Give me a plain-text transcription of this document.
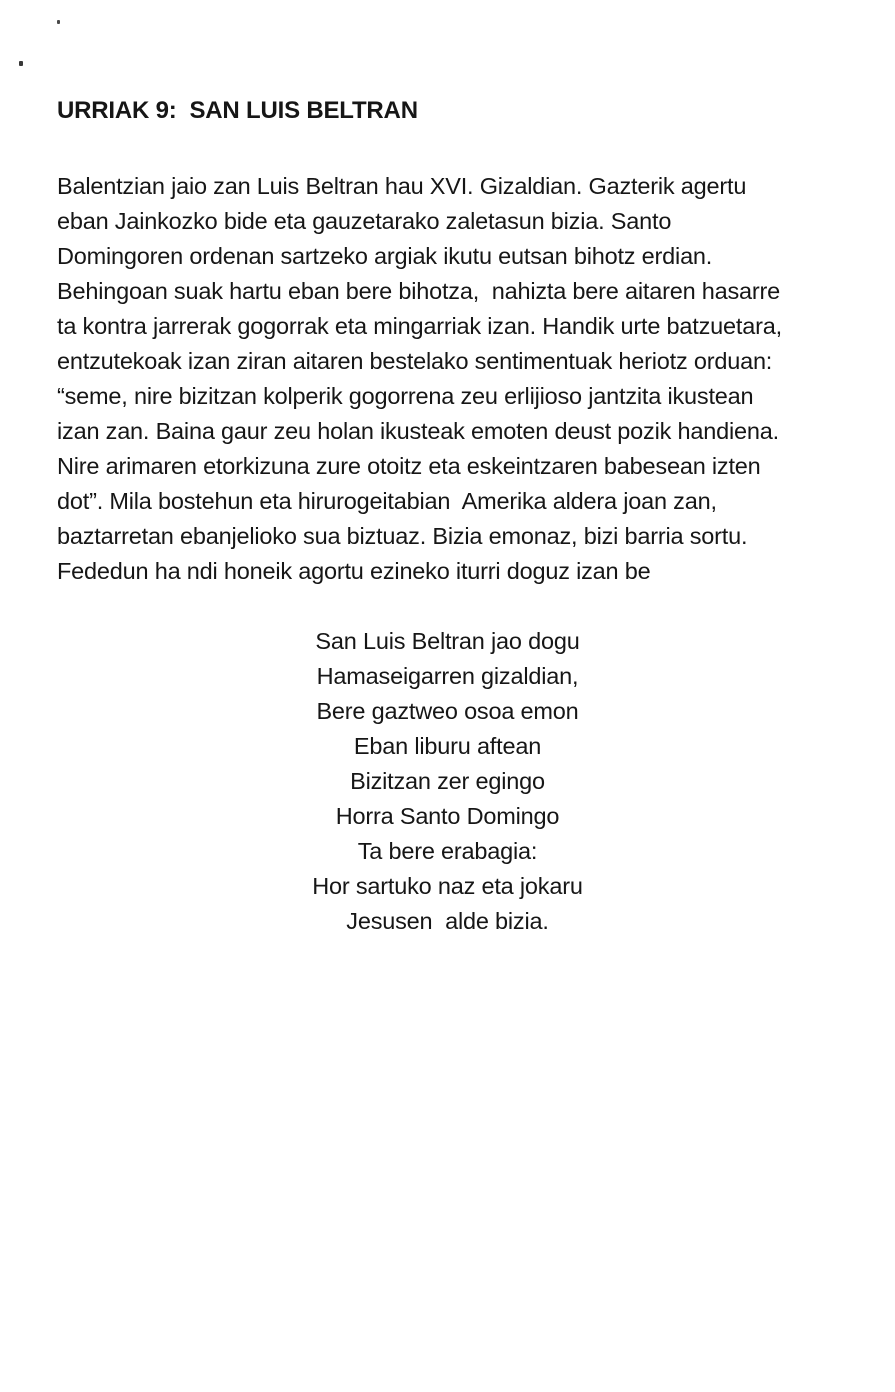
URRIAK 9:  SAN LUIS BELTRAN
Balentzian jaio zan Luis Beltran hau XVI. Gizaldian. Gazterik agertu
eban Jainkozko bide eta gauzetarako zaletasun bizia. Santo
Domingoren ordenan sartzeko argiak ikutu eutsan bihotz erdian.
Behingoan suak hartu eban bere bihotza,  nahizta bere aitaren hasarre
ta kontra jarrerak gogorrak eta mingarriak izan. Handik urte batzuetara,
entzutekoak izan ziran aitaren bestelako sentimentuak heriotz orduan:
“seme, nire bizitzan kolperik gogorrena zeu erlijioso jantzita ikustean
izan zan. Baina gaur zeu holan ikusteak emoten deust pozik handiena.
Nire arimaren etorkizuna zure otoitz eta eskeintzaren babesean izten
dot”. Mila bostehun eta hirurogeitabian  Amerika aldera joan zan,
baztarretan ebanjelioko sua biztuaz. Bizia emonaz, bizi barria sortu.
Fededun ha ndi honeik agortu ezineko iturri doguz izan be
San Luis Beltran jao dogu
Hamaseigarren gizaldian,
Bere gaztweo osoa emon
Eban liburu aftean
Bizitzan zer egingo
Horra Santo Domingo
Ta bere erabagia:
Hor sartuko naz eta jokaru
Jesusen  alde bizia.
